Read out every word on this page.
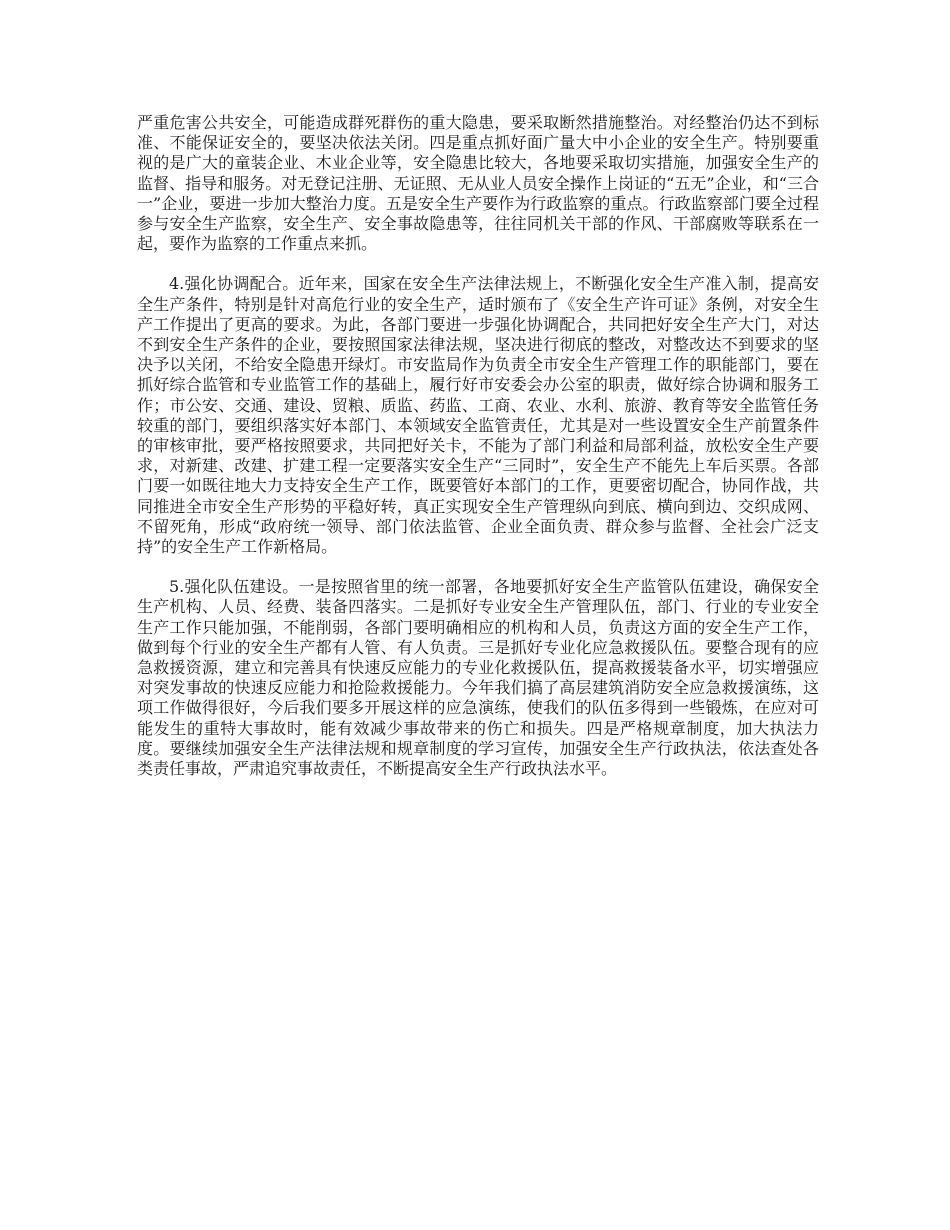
严重危害公共安全，可能造成群死群伤的重大隐患，要采取断然措施整治。对经整治仍达不到标准、不能保证安全的，要坚决依法关闭。四是重点抓好面广量大中小企业的安全生产。特别要重视的是广大的童装企业、木业企业等，安全隐患比较大，各地要采取切实措施，加强安全生产的监督、指导和服务。对无登记注册、无证照、无从业人员安全操作上岗证的“五无”企业，和“三合一”企业，要进一步加大整治力度。五是安全生产要作为行政监察的重点。行政监察部门要全过程参与安全生产监察，安全生产、安全事故隐患等，往往同机关干部的作风、干部腐败等联系在一起，要作为监察的工作重点来抓。

4.强化协调配合。近年来，国家在安全生产法律法规上，不断强化安全生产准入制，提高安全生产条件，特别是针对高危行业的安全生产，适时颁布了《安全生产许可证》条例，对安全生产工作提出了更高的要求。为此，各部门要进一步强化协调配合，共同把好安全生产大门，对达不到安全生产条件的企业，要按照国家法律法规，坚决进行彻底的整改，对整改达不到要求的坚决予以关闭，不给安全隐患开绿灯。市安监局作为负责全市安全生产管理工作的职能部门，要在抓好综合监管和专业监管工作的基础上，履行好市安委会办公室的职责，做好综合协调和服务工作；市公安、交通、建设、贸粮、质监、药监、工商、农业、水利、旅游、教育等安全监管任务较重的部门，要组织落实好本部门、本领域安全监管责任，尤其是对一些设置安全生产前置条件的审核审批，要严格按照要求，共同把好关卡，不能为了部门利益和局部利益，放松安全生产要求，对新建、改建、扩建工程一定要落实安全生产“三同时”，安全生产不能先上车后买票。各部门要一如既往地大力支持安全生产工作，既要管好本部门的工作，更要密切配合，协同作战，共同推进全市安全生产形势的平稳好转，真正实现安全生产管理纵向到底、横向到边、交织成网、不留死角，形成“政府统一领导、部门依法监管、企业全面负责、群众参与监督、全社会广泛支持”的安全生产工作新格局。

5.强化队伍建设。一是按照省里的统一部署，各地要抓好安全生产监管队伍建设，确保安全生产机构、人员、经费、装备四落实。二是抓好专业安全生产管理队伍，部门、行业的专业安全生产工作只能加强，不能削弱，各部门要明确相应的机构和人员，负责这方面的安全生产工作，做到每个行业的安全生产都有人管、有人负责。三是抓好专业化应急救援队伍。要整合现有的应急救援资源，建立和完善具有快速反应能力的专业化救援队伍，提高救援装备水平，切实增强应对突发事故的快速反应能力和抢险救援能力。今年我们搞了高层建筑消防安全应急救援演练，这项工作做得很好，今后我们要多开展这样的应急演练，使我们的队伍多得到一些锻炼，在应对可能发生的重特大事故时，能有效减少事故带来的伤亡和损失。四是严格规章制度，加大执法力度。要继续加强安全生产法律法规和规章制度的学习宣传，加强安全生产行政执法，依法查处各类责任事故，严肃追究事故责任，不断提高安全生产行政执法水平。
